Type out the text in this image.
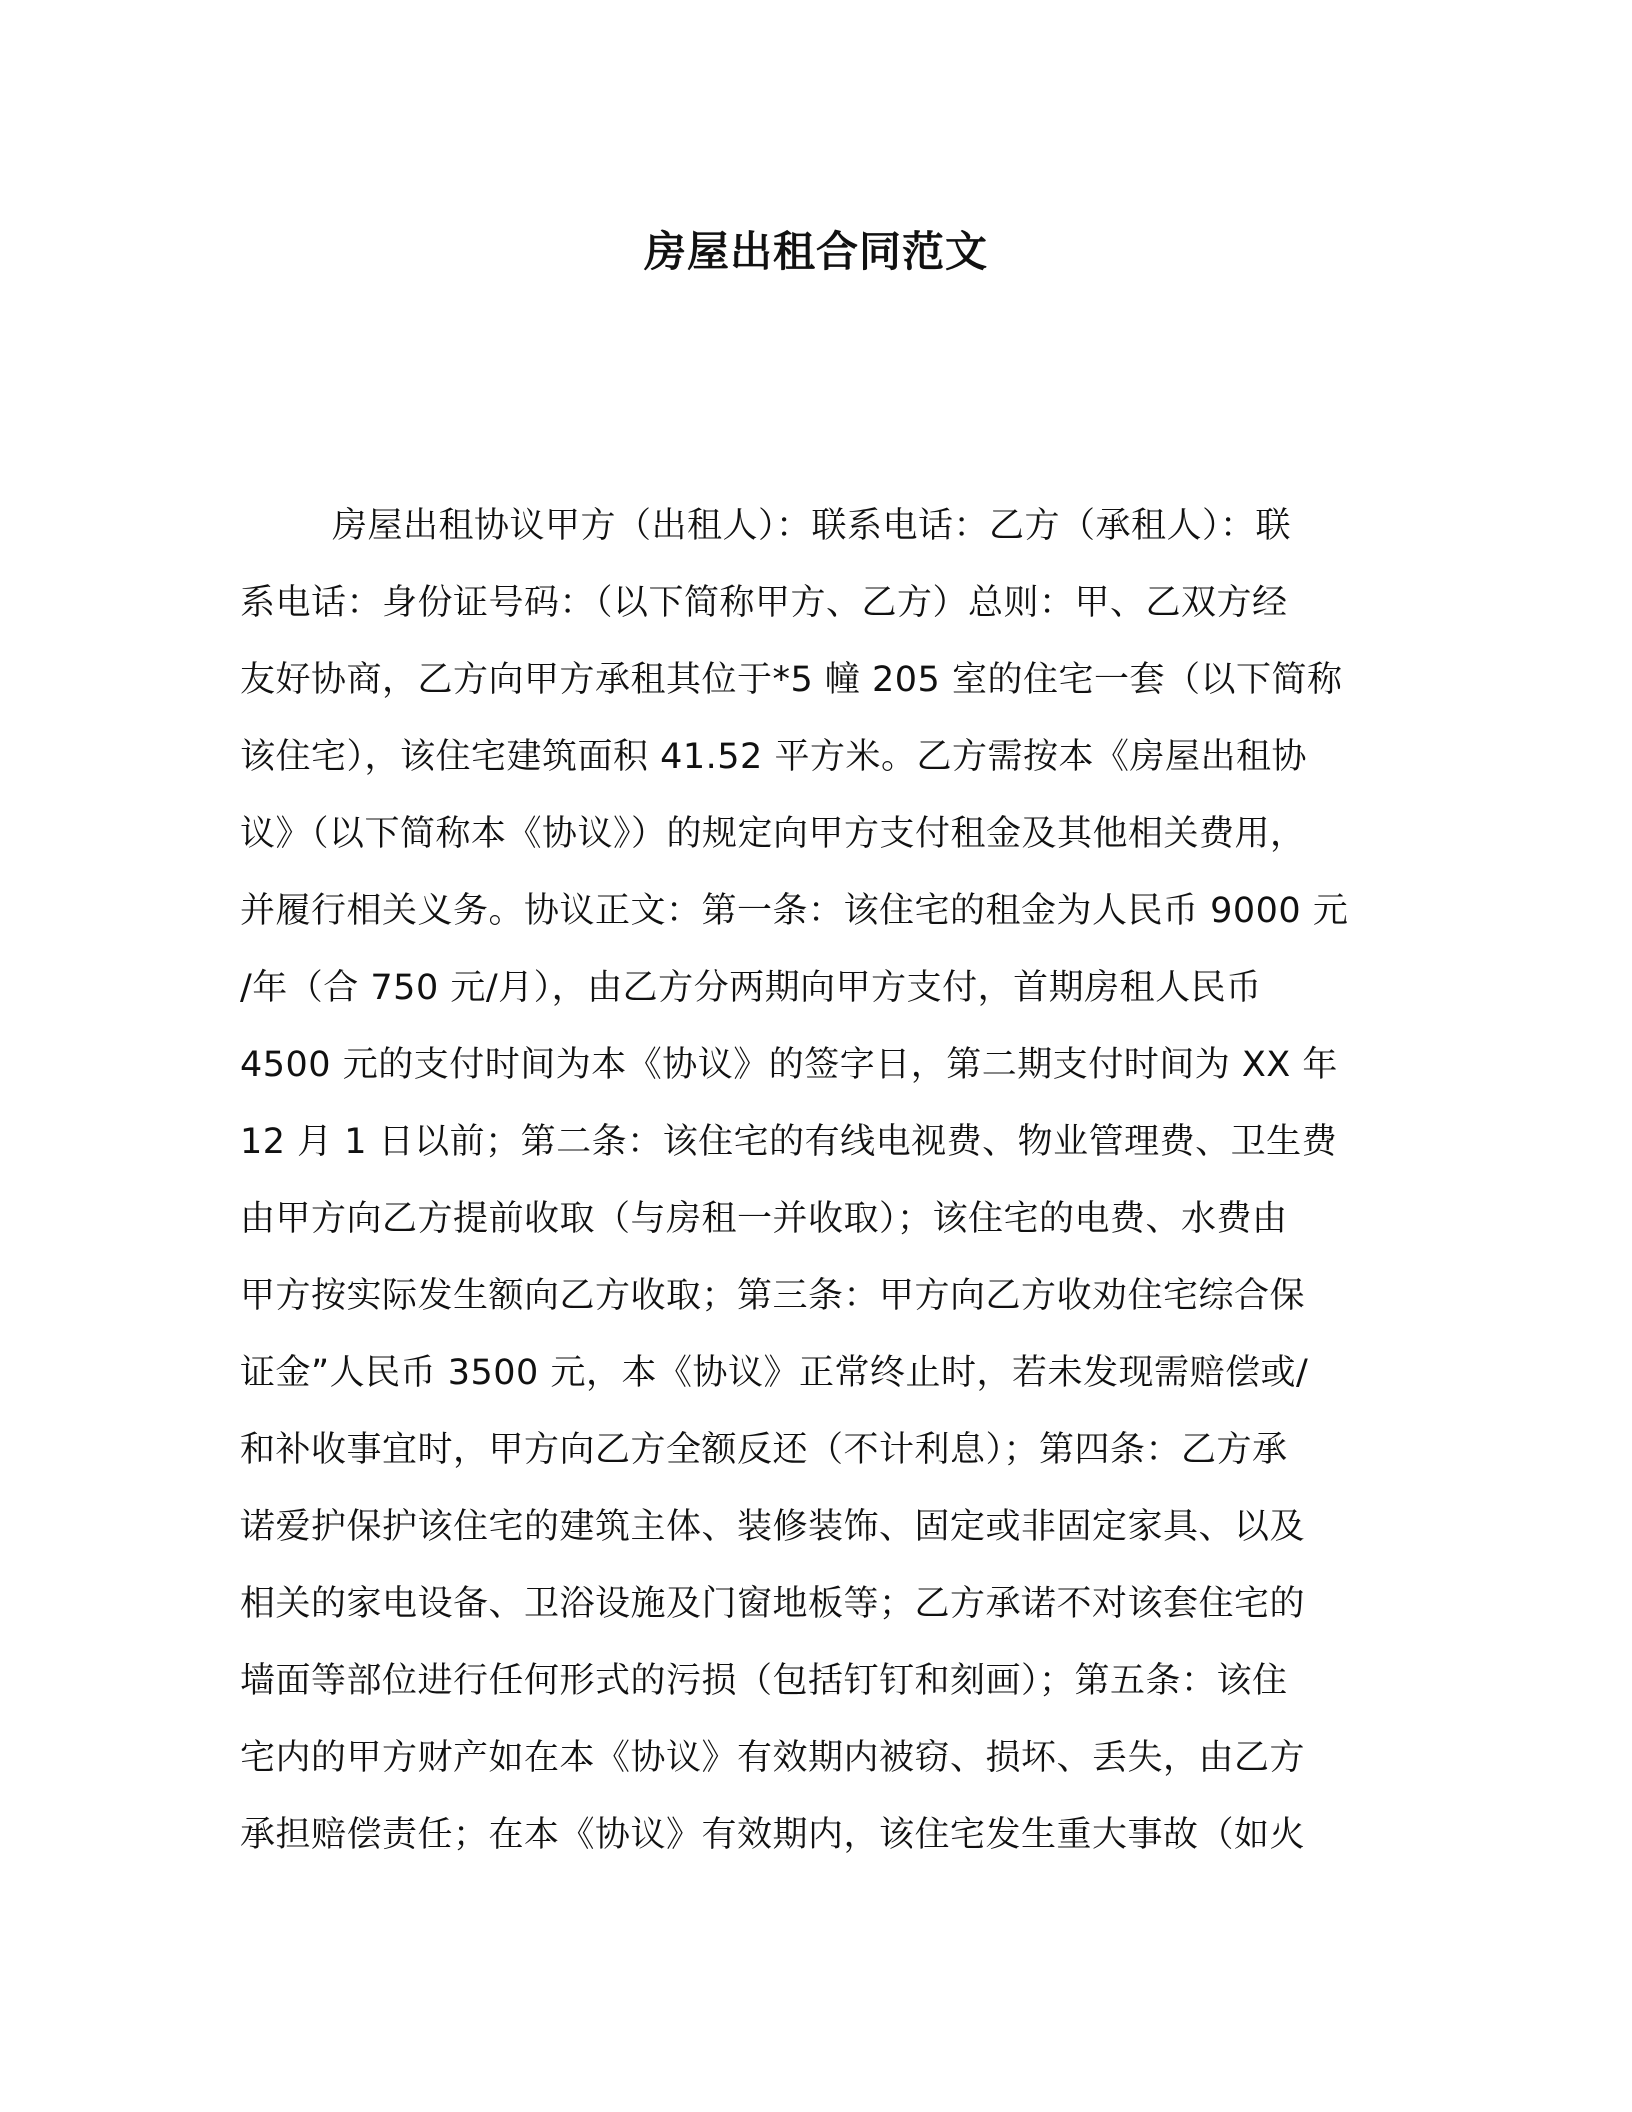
房屋出租合同范文
房屋出租协议甲方（出租人）：联系电话：乙方（承租人）：联
系电话：身份证号码：（以下简称甲方、乙方）总则：甲、乙双方经
友好协商，乙方向甲方承租其位于*5 幢 205 室的住宅一套（以下简称
该住宅），该住宅建筑面积 41.52 平方米。乙方需按本《房屋出租协
议》（以下简称本《协议》）的规定向甲方支付租金及其他相关费用，
并履行相关义务。协议正文：第一条：该住宅的租金为人民币 9000 元
/年（合 750 元/月），由乙方分两期向甲方支付，首期房租人民币
4500 元的支付时间为本《协议》的签字日，第二期支付时间为 XX 年
12 月 1 日以前；第二条：该住宅的有线电视费、物业管理费、卫生费
由甲方向乙方提前收取（与房租一并收取）；该住宅的电费、水费由
甲方按实际发生额向乙方收取；第三条：甲方向乙方收劝住宅综合保
证金”人民币 3500 元，本《协议》正常终止时，若未发现需赔偿或/
和补收事宜时，甲方向乙方全额反还（不计利息）；第四条：乙方承
诺爱护保护该住宅的建筑主体、装修装饰、固定或非固定家具、以及
相关的家电设备、卫浴设施及门窗地板等；乙方承诺不对该套住宅的
墙面等部位进行任何形式的污损（包括钉钉和刻画）；第五条：该住
宅内的甲方财产如在本《协议》有效期内被窃、损坏、丢失，由乙方
承担赔偿责任；在本《协议》有效期内，该住宅发生重大事故（如火
